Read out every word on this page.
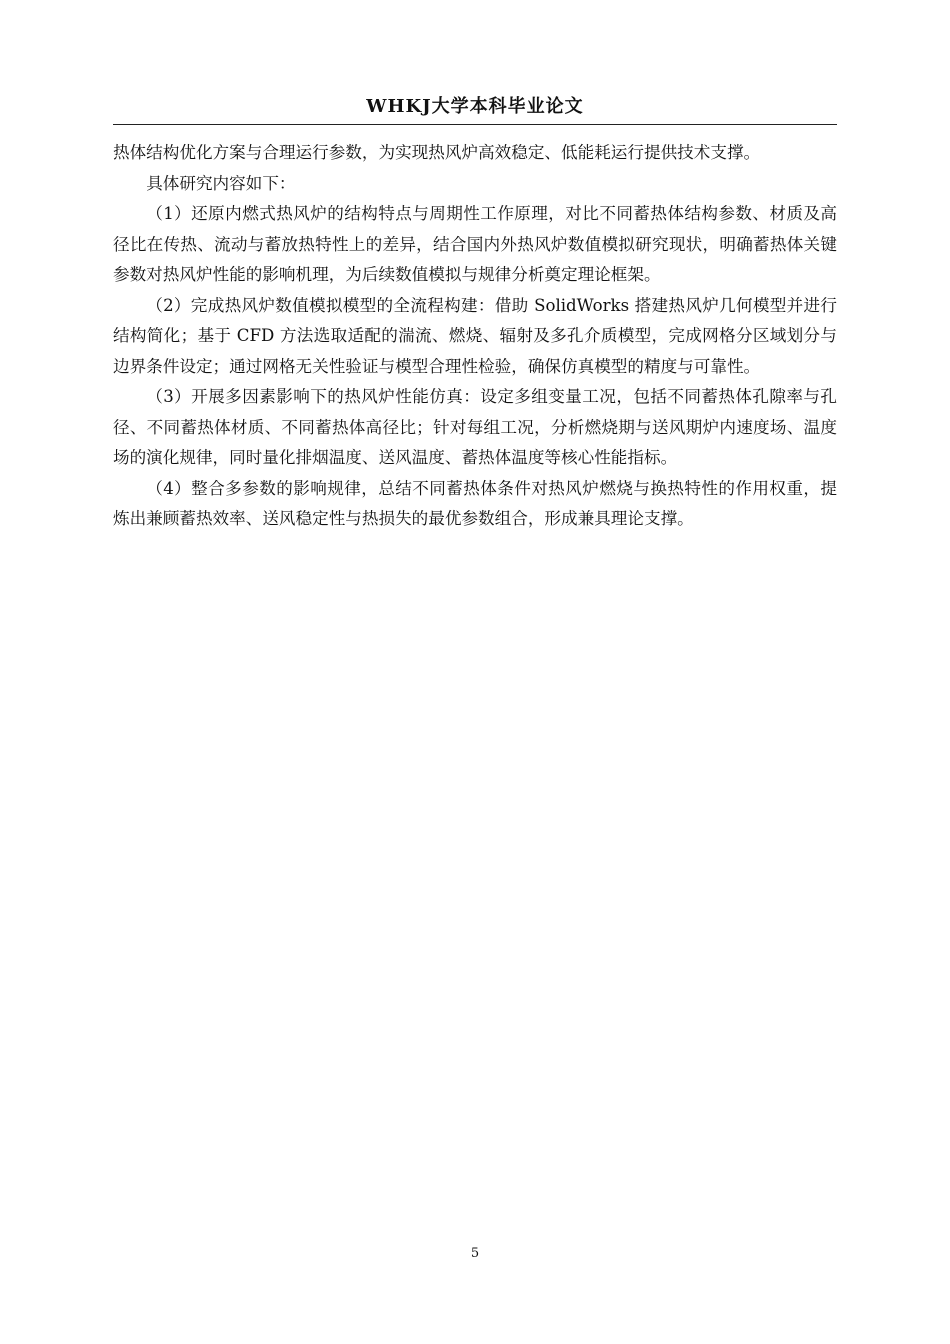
WHKJ大学本科毕业论文

热体结构优化方案与合理运行参数，为实现热风炉高效稳定、低能耗运行提供技术支撑。

具体研究内容如下：

（1）还原内燃式热风炉的结构特点与周期性工作原理，对比不同蓄热体结构参数、材质及高径比在传热、流动与蓄放热特性上的差异，结合国内外热风炉数值模拟研究现状，明确蓄热体关键参数对热风炉性能的影响机理，为后续数值模拟与规律分析奠定理论框架。

（2）完成热风炉数值模拟模型的全流程构建：借助 SolidWorks 搭建热风炉几何模型并进行结构简化；基于 CFD 方法选取适配的湍流、燃烧、辐射及多孔介质模型，完成网格分区域划分与边界条件设定；通过网格无关性验证与模型合理性检验，确保仿真模型的精度与可靠性。

（3）开展多因素影响下的热风炉性能仿真：设定多组变量工况，包括不同蓄热体孔隙率与孔径、不同蓄热体材质、不同蓄热体高径比；针对每组工况，分析燃烧期与送风期炉内速度场、温度场的演化规律，同时量化排烟温度、送风温度、蓄热体温度等核心性能指标。

（4）整合多参数的影响规律，总结不同蓄热体条件对热风炉燃烧与换热特性的作用权重，提炼出兼顾蓄热效率、送风稳定性与热损失的最优参数组合，形成兼具理论支撑。

5
